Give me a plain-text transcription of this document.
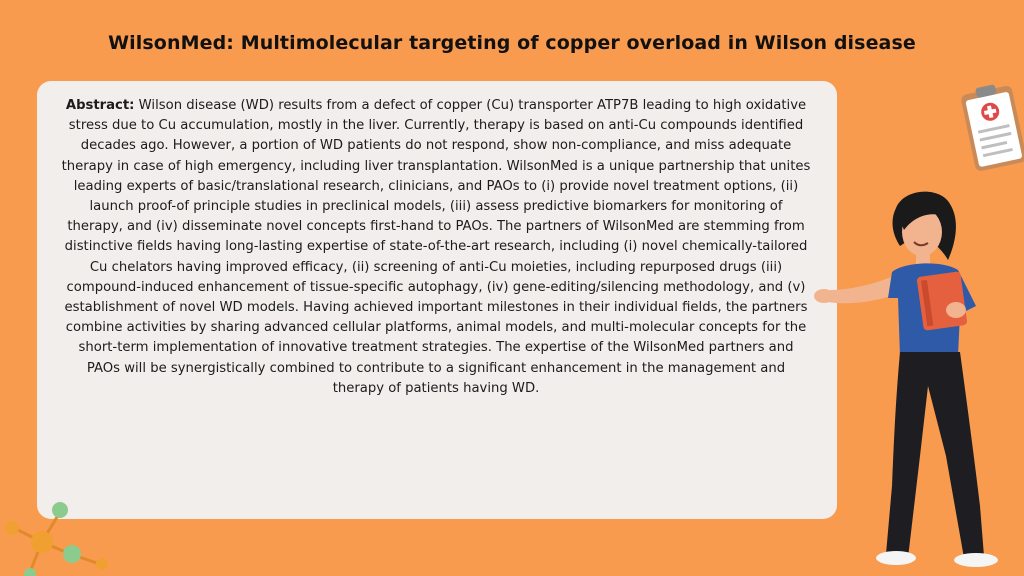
WilsonMed: Multimolecular targeting of copper overload in Wilson disease
Abstract: Wilson disease (WD) results from a defect of copper (Cu) transporter ATP7B leading to high oxidative stress due to Cu accumulation, mostly in the liver. Currently, therapy is based on anti-Cu compounds identified decades ago. However, a portion of WD patients do not respond, show non-compliance, and miss adequate therapy in case of high emergency, including liver transplantation. WilsonMed is a unique partnership that unites leading experts of basic/translational research, clinicians, and PAOs to (i) provide novel treatment options, (ii) launch proof-of principle studies in preclinical models, (iii) assess predictive biomarkers for monitoring of therapy, and (iv) disseminate novel concepts first-hand to PAOs. The partners of WilsonMed are stemming from distinctive fields having long-lasting expertise of state-of-the-art research, including (i) novel chemically-tailored Cu chelators having improved efficacy, (ii) screening of anti-Cu moieties, including repurposed drugs (iii) compound-induced enhancement of tissue-specific autophagy, (iv) gene-editing/silencing methodology, and (v) establishment of novel WD models. Having achieved important milestones in their individual fields, the partners combine activities by sharing advanced cellular platforms, animal models, and multi-molecular concepts for the short-term implementation of innovative treatment strategies. The expertise of the WilsonMed partners and PAOs will be synergistically combined to contribute to a significant enhancement in the management and therapy of patients having WD.
